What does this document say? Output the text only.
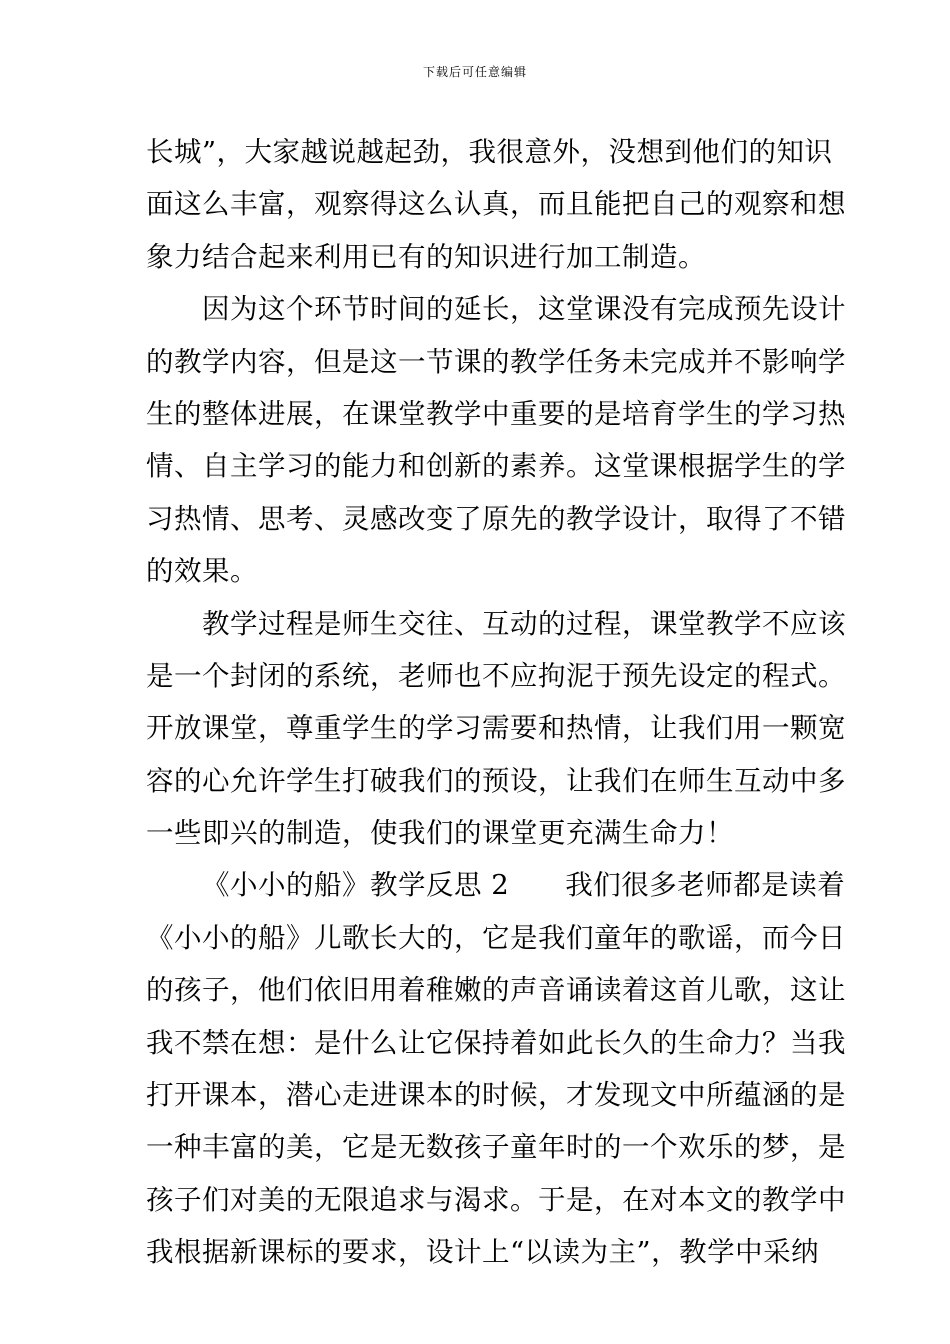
下载后可任意编辑
长城”，大家越说越起劲，我很意外，没想到他们的知识
面这么丰富，观察得这么认真，而且能把自己的观察和想
象力结合起来利用已有的知识进行加工制造。
因为这个环节时间的延长，这堂课没有完成预先设计
的教学内容，但是这一节课的教学任务未完成并不影响学
生的整体进展，在课堂教学中重要的是培育学生的学习热
情、自主学习的能力和创新的素养。这堂课根据学生的学
习热情、思考、灵感改变了原先的教学设计，取得了不错
的效果。
教学过程是师生交往、互动的过程，课堂教学不应该
是一个封闭的系统，老师也不应拘泥于预先设定的程式。
开放课堂，尊重学生的学习需要和热情，让我们用一颗宽
容的心允许学生打破我们的预设，让我们在师生互动中多
一些即兴的制造，使我们的课堂更充满生命力！
《小小的船》教学反思 2 我们很多老师都是读着
《小小的船》儿歌长大的，它是我们童年的歌谣，而今日
的孩子，他们依旧用着稚嫩的声音诵读着这首儿歌，这让
我不禁在想：是什么让它保持着如此长久的生命力？当我
打开课本，潜心走进课本的时候，才发现文中所蕴涵的是
一种丰富的美，它是无数孩子童年时的一个欢乐的梦，是
孩子们对美的无限追求与渴求。于是，在对本文的教学中
我根据新课标的要求，设计上“以读为主”，教学中采纳
